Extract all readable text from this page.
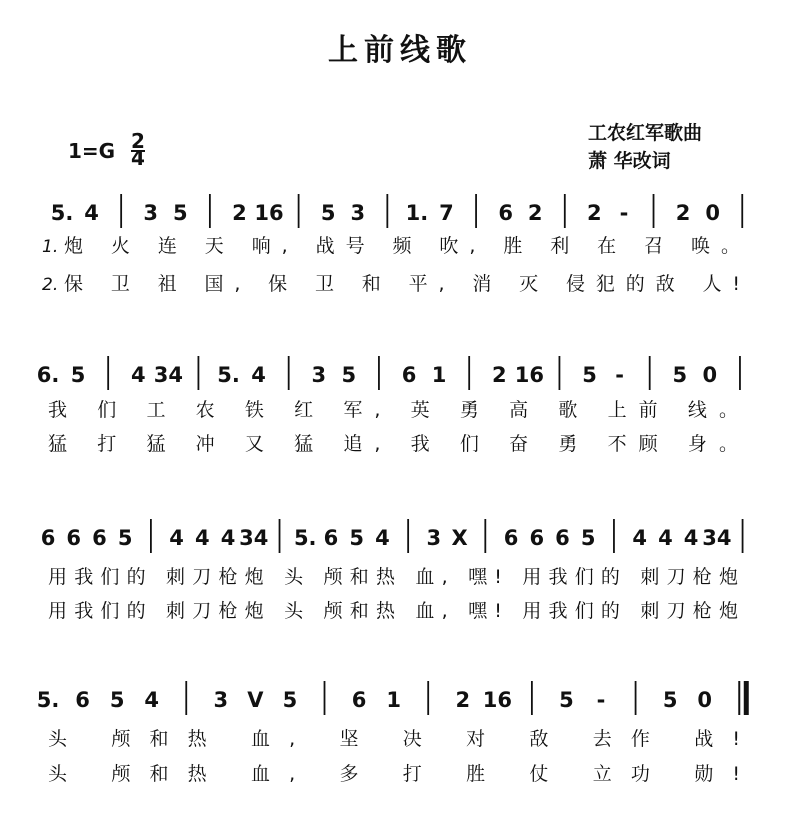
上前线歌
工农红军歌曲
萧 华改词
1=G 2
4
5. 4 3 5 2 16 5 3 1. 7 6 2 2 - 2 0
1. 炮 火 连 天 响, 战号 频 吹, 胜 利 在 召 唤。
2. 保 卫 祖 国, 保 卫 和 平, 消 灭 侵犯的敌 人!
6. 5 4 34 5. 4 3 5 6 1 2 16 5 - 5 0
我 们 工 农 铁 红 军, 英 勇 高 歌 上前 线。
猛 打 猛 冲 又 猛 追, 我 们 奋 勇 不顾 身。
6 6 6 5 4 4 4 34 5. 6 5 4 3 X 6 6 6 5 4 4 4 34
用我们的 刺刀枪炮 头 颅和热 血, 嘿! 用我们的 刺刀枪炮
用我们的 刺刀枪炮 头 颅和热 血, 嘿! 用我们的 刺刀枪炮
5. 6 5 4	3 V 5	6 1	2 16 5 -	5 0
头 颅和热 血, 坚 决 对 敌 去作 战!
头 颅和热 血, 多 打 胜 仗 立功 勋!
